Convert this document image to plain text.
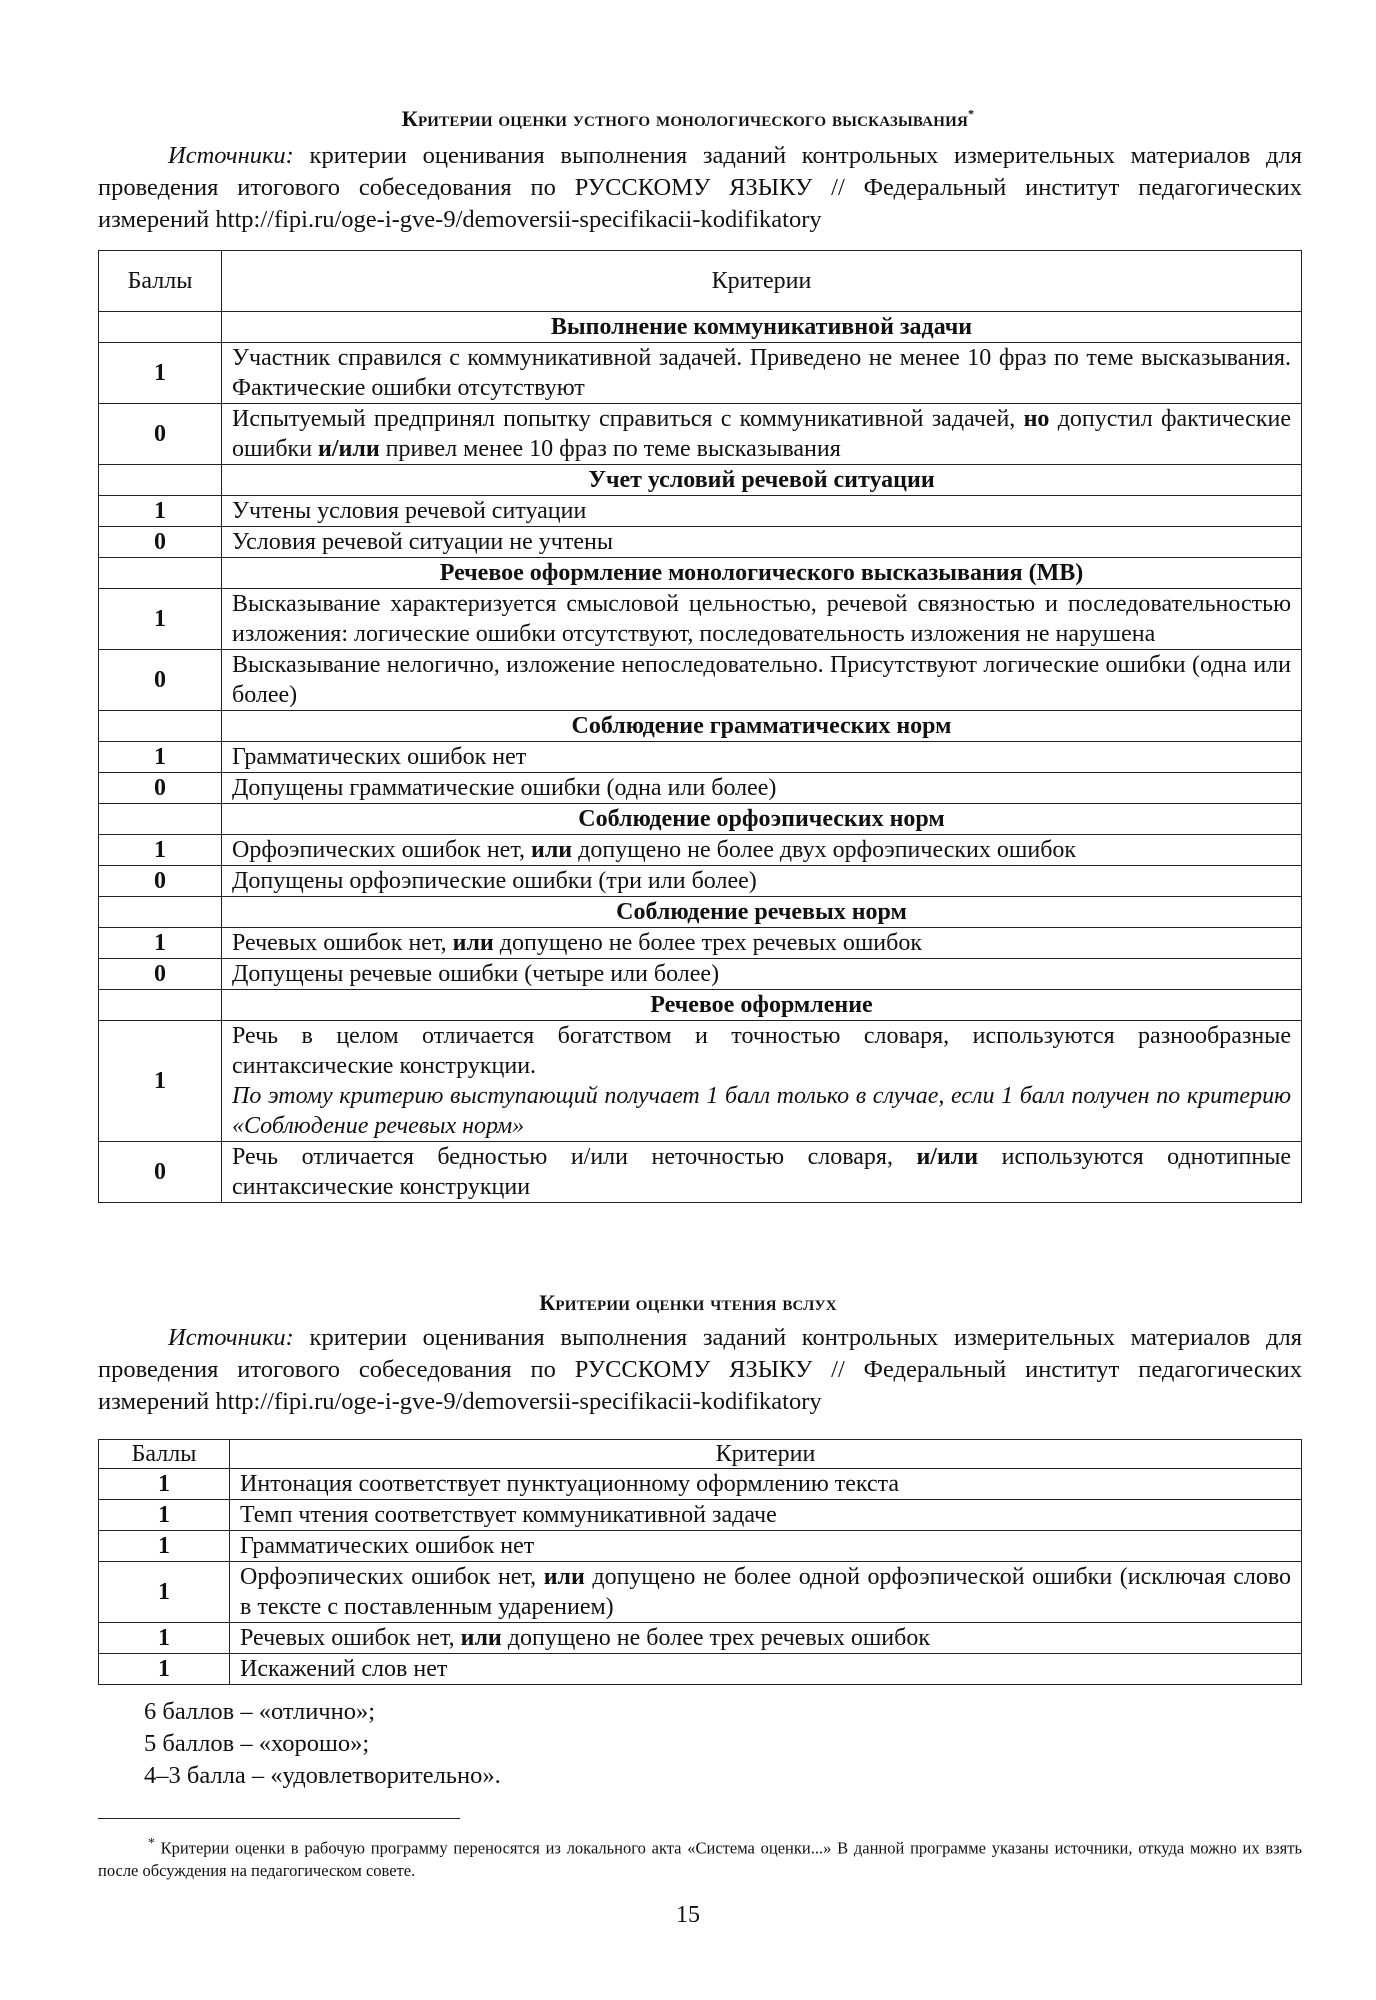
Критерии оценки устного монологического высказывания*
Источники: критерии оценивания выполнения заданий контрольных измерительных материалов для проведения итогового собеседования по РУССКОМУ ЯЗЫКУ // Федеральный институт педагогических измерений http://fipi.ru/oge-i-gve-9/demoversii-specifikacii-kodifikatory
Баллы	Критерии
	Выполнение коммуникативной задачи
1	Участник справился с коммуникативной задачей. Приведено не менее 10 фраз по теме высказывания. Фактические ошибки отсутствуют
0	Испытуемый предпринял попытку справиться с коммуникативной задачей, но допустил фактические ошибки и/или привел менее 10 фраз по теме высказывания
	Учет условий речевой ситуации
1	Учтены условия речевой ситуации
0	Условия речевой ситуации не учтены
	Речевое оформление монологического высказывания (МВ)
1	Высказывание характеризуется смысловой цельностью, речевой связностью и последовательностью изложения: логические ошибки отсутствуют, последовательность изложения не нарушена
0	Высказывание нелогично, изложение непоследовательно. Присутствуют логические ошибки (одна или более)
	Соблюдение грамматических норм
1	Грамматических ошибок нет
0	Допущены грамматические ошибки (одна или более)
	Соблюдение орфоэпических норм
1	Орфоэпических ошибок нет, или допущено не более двух орфоэпических ошибок
0	Допущены орфоэпические ошибки (три или более)
	Соблюдение речевых норм
1	Речевых ошибок нет, или допущено не более трех речевых ошибок
0	Допущены речевые ошибки (четыре или более)
	Речевое оформление
1	Речь в целом отличается богатством и точностью словаря, используются разнообразные синтаксические конструкции.
По этому критерию выступающий получает 1 балл только в случае, если 1 балл получен по критерию «Соблюдение речевых норм»
0	Речь отличается бедностью и/или неточностью словаря, и/или используются однотипные синтаксические конструкции
Критерии оценки чтения вслух
Источники: критерии оценивания выполнения заданий контрольных измерительных материалов для проведения итогового собеседования по РУССКОМУ ЯЗЫКУ // Федеральный институт педагогических измерений http://fipi.ru/oge-i-gve-9/demoversii-specifikacii-kodifikatory
Баллы	Критерии
1	Интонация соответствует пунктуационному оформлению текста
1	Темп чтения соответствует коммуникативной задаче
1	Грамматических ошибок нет
1	Орфоэпических ошибок нет, или допущено не более одной орфоэпической ошибки (исключая слово в тексте с поставленным ударением)
1	Речевых ошибок нет, или допущено не более трех речевых ошибок
1	Искажений слов нет
6 баллов – «отлично»;
5 баллов – «хорошо»;
4–3 балла – «удовлетворительно».
* Критерии оценки в рабочую программу переносятся из локального акта «Система оценки...» В данной программе указаны источники, откуда можно их взять после обсуждения на педагогическом совете.
15
